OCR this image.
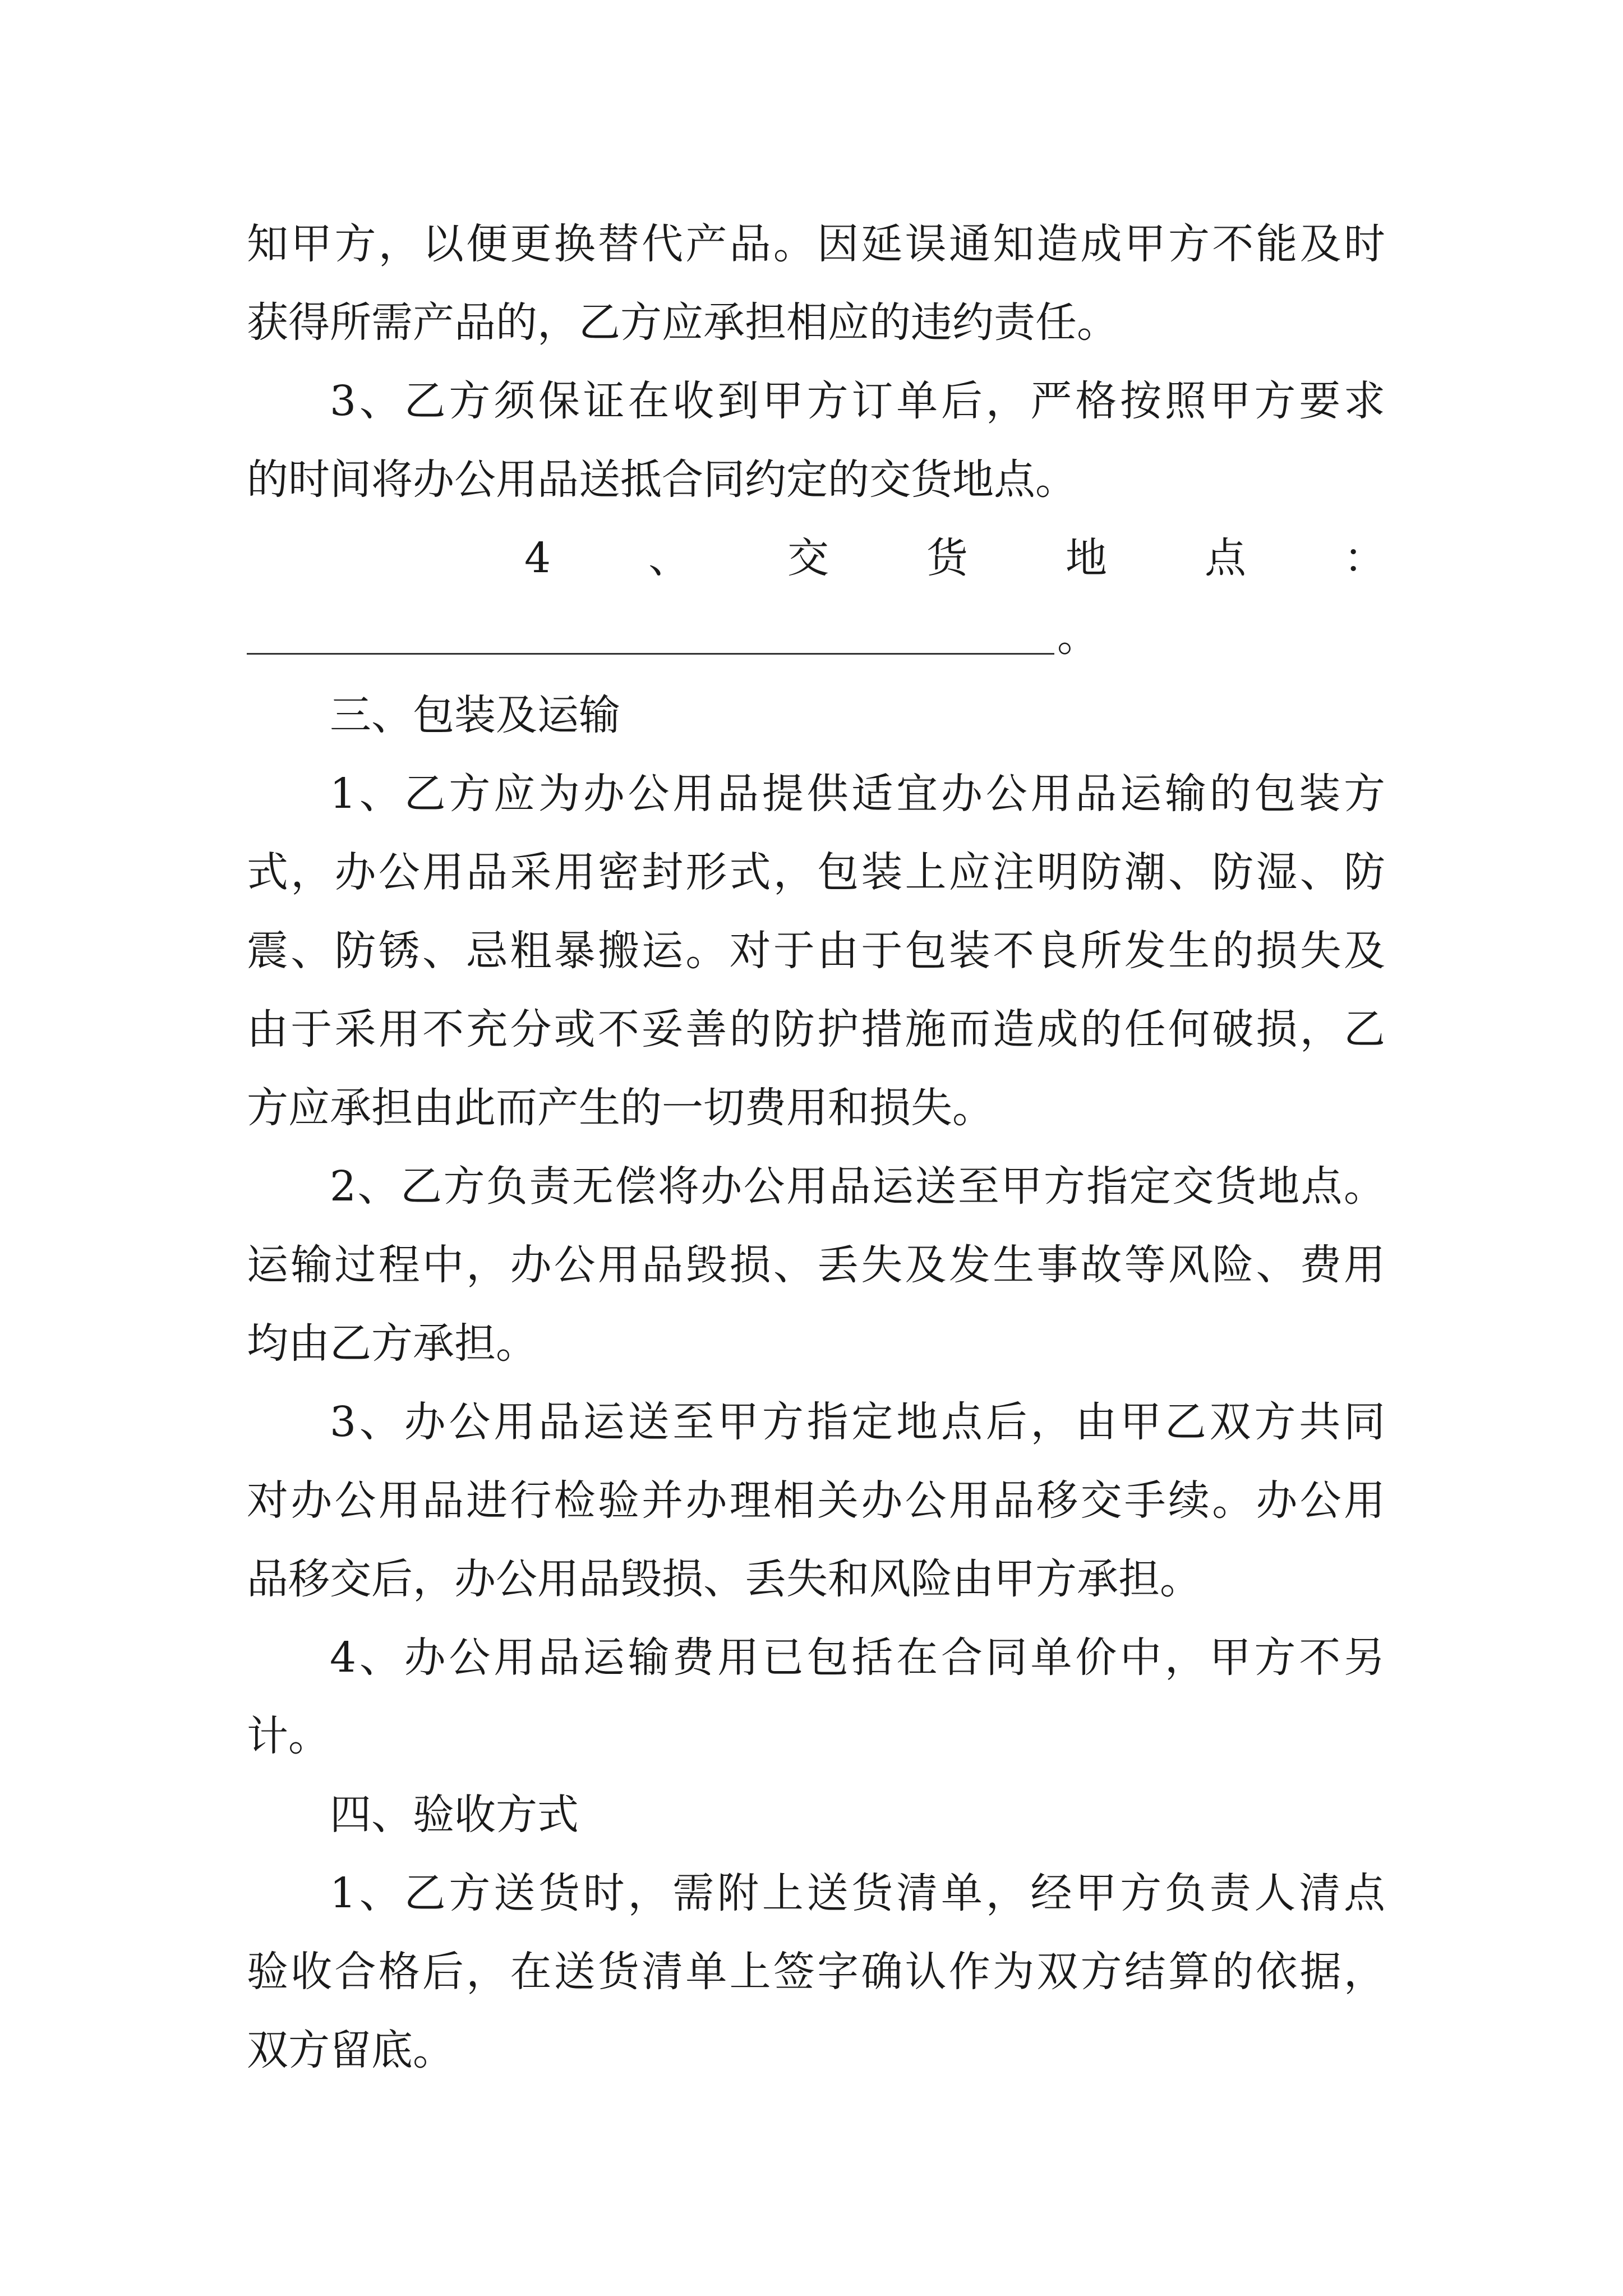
知甲方，以便更换替代产品。因延误通知造成甲方不能及时
获得所需产品的，乙方应承担相应的违约责任。
3、乙方须保证在收到甲方订单后，严格按照甲方要求
的时间将办公用品送抵合同约定的交货地点。
4、交货地点：
。
三、包装及运输
1、乙方应为办公用品提供适宜办公用品运输的包装方
式，办公用品采用密封形式，包装上应注明防潮、防湿、防
震、防锈、忌粗暴搬运。对于由于包装不良所发生的损失及
由于采用不充分或不妥善的防护措施而造成的任何破损，乙
方应承担由此而产生的一切费用和损失。
2、乙方负责无偿将办公用品运送至甲方指定交货地点。
运输过程中，办公用品毁损、丢失及发生事故等风险、费用
均由乙方承担。
3、办公用品运送至甲方指定地点后，由甲乙双方共同
对办公用品进行检验并办理相关办公用品移交手续。办公用
品移交后，办公用品毁损、丢失和风险由甲方承担。
4、办公用品运输费用已包括在合同单价中，甲方不另
计。
四、验收方式
1、乙方送货时，需附上送货清单，经甲方负责人清点
验收合格后，在送货清单上签字确认作为双方结算的依据，
双方留底。
